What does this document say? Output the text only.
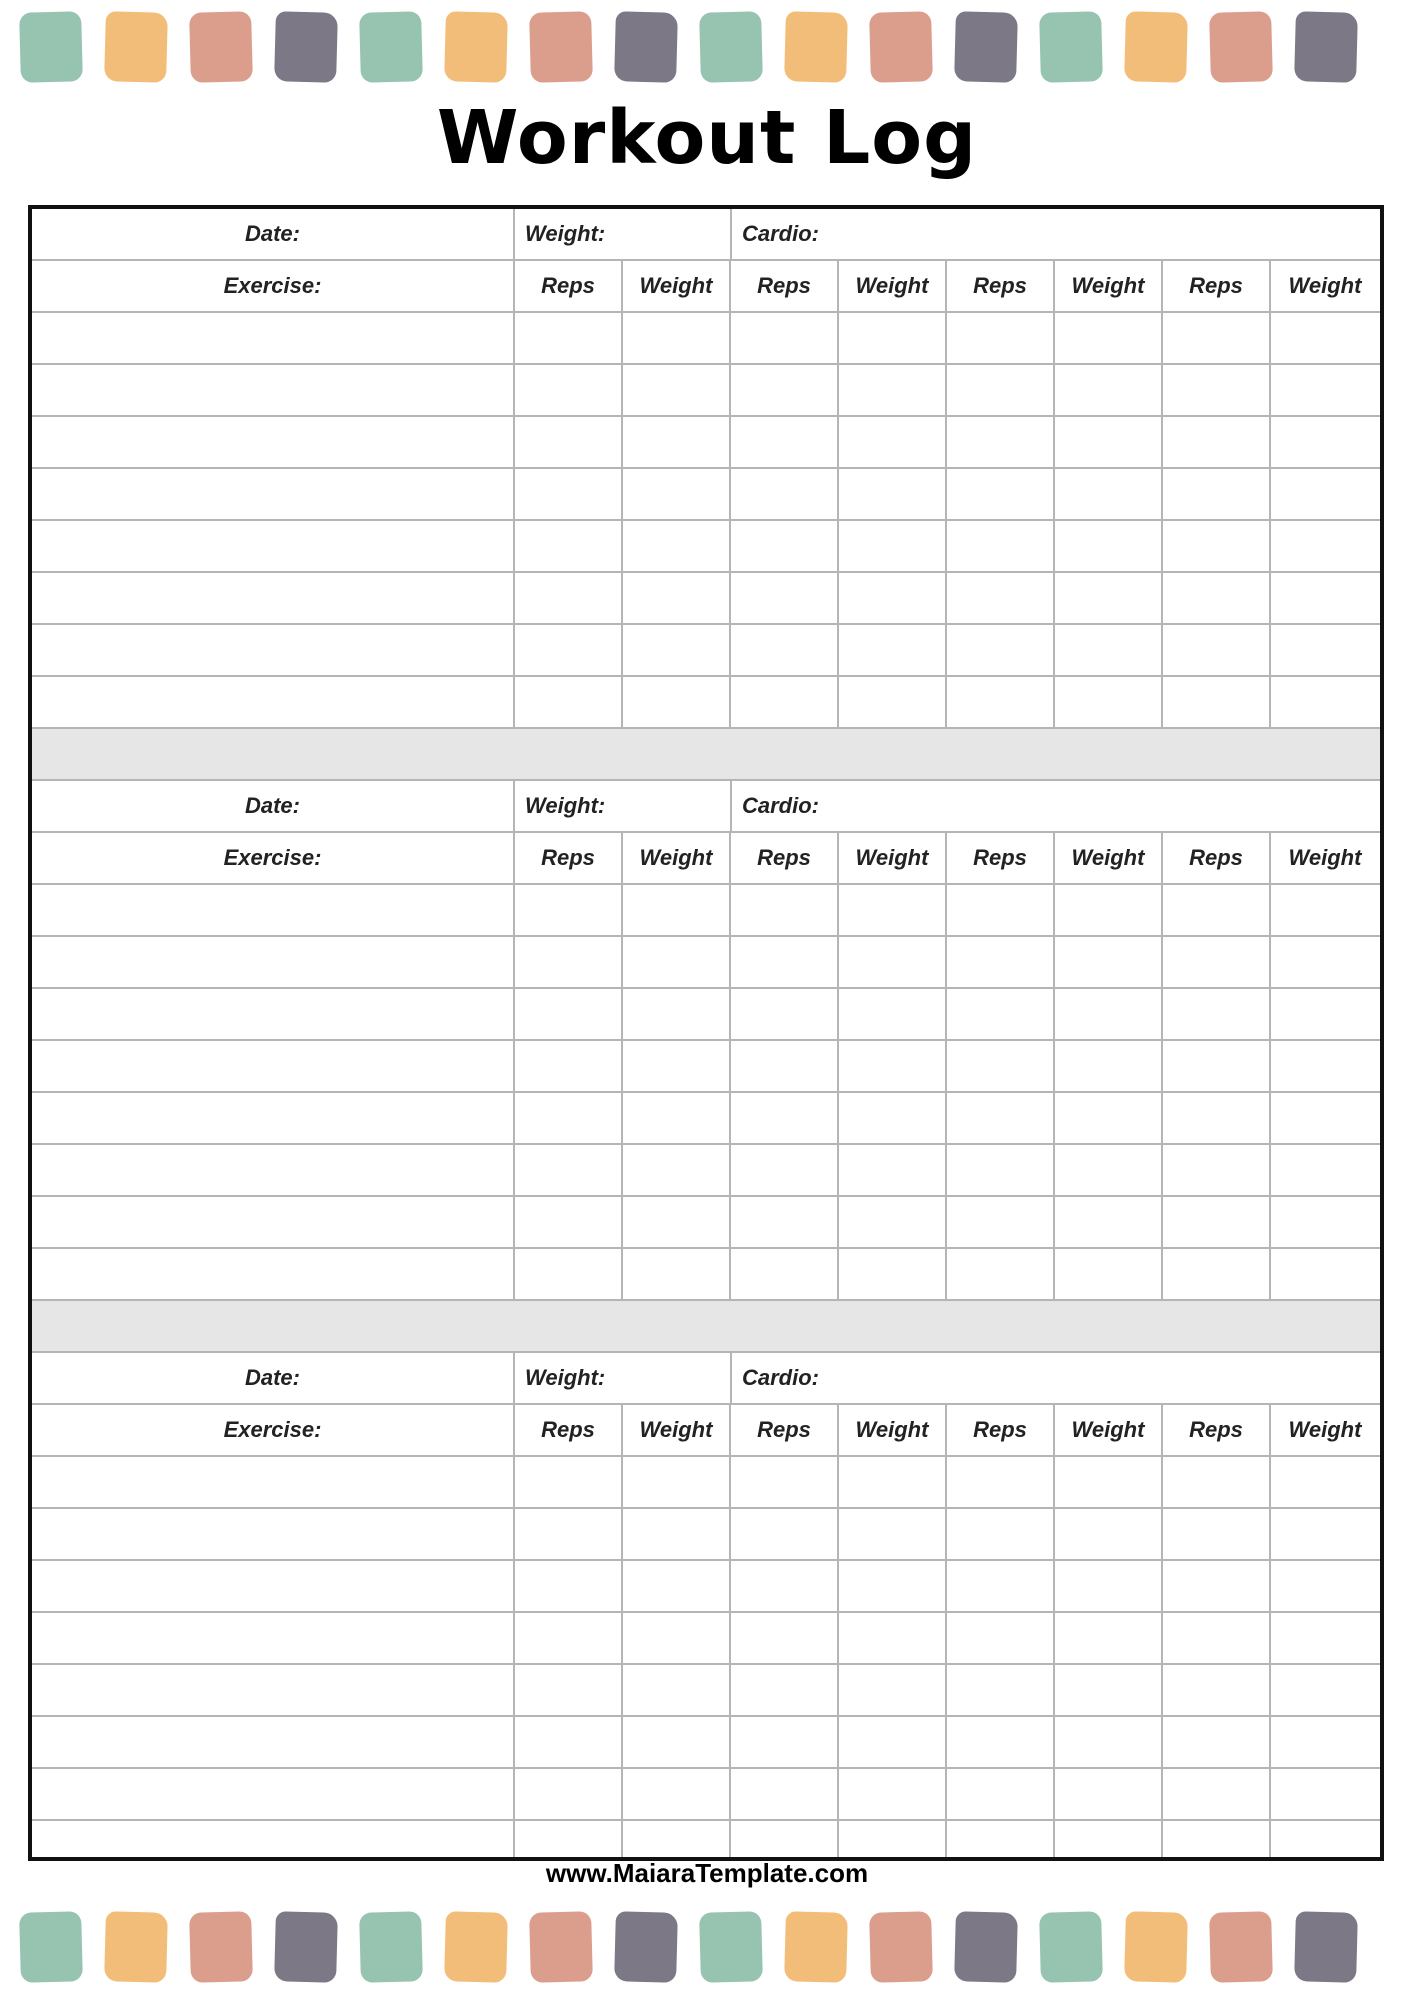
Workout Log
Date:	Weight:	Cardio:
Exercise:	Reps	Weight	Reps	Weight	Reps	Weight	Reps	Weight
Date:	Weight:	Cardio:
Exercise:	Reps	Weight	Reps	Weight	Reps	Weight	Reps	Weight
Date:	Weight:	Cardio:
Exercise:	Reps	Weight	Reps	Weight	Reps	Weight	Reps	Weight
www.MaiaraTemplate.com
